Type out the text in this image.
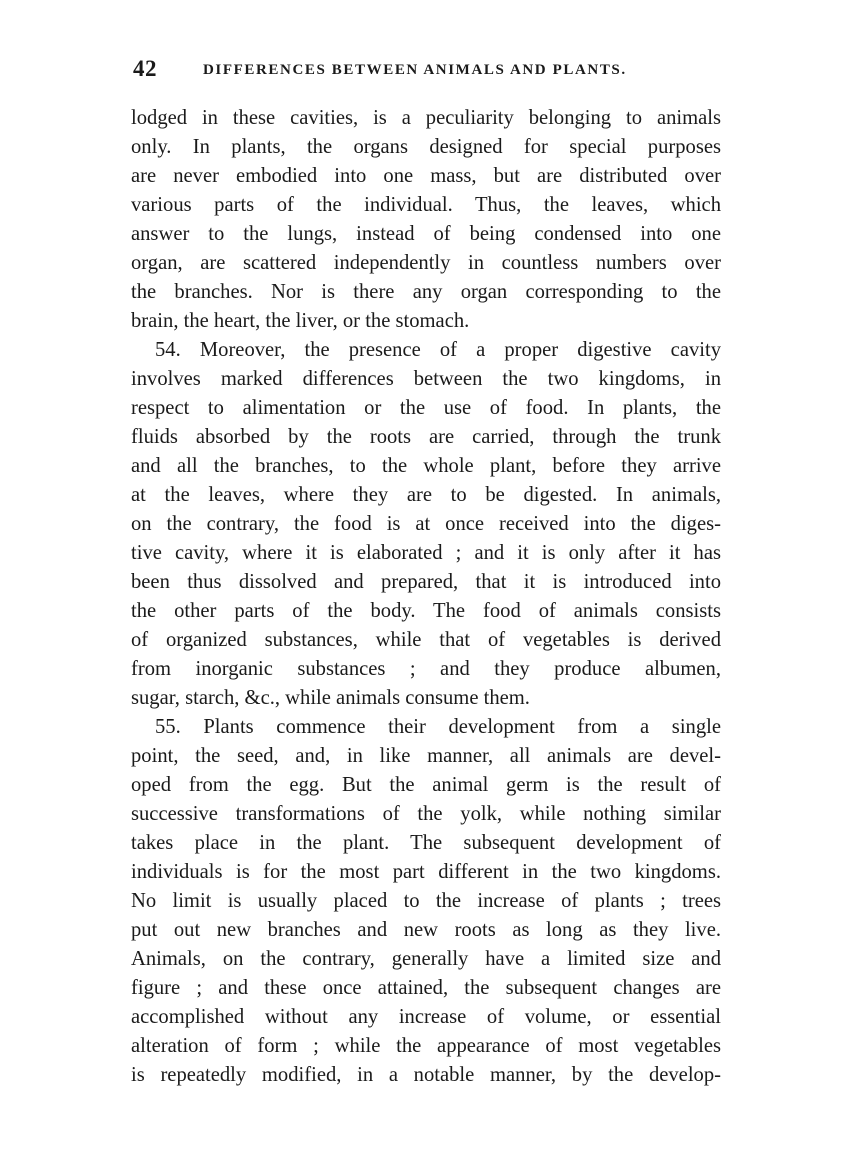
42	DIFFERENCES BETWEEN ANIMALS AND PLANTS.

lodged in these cavities, is a peculiarity belonging to animals
only. In plants, the organs designed for special purposes
are never embodied into one mass, but are distributed over
various parts of the individual. Thus, the leaves, which
answer to the lungs, instead of being condensed into one
organ, are scattered independently in countless numbers over
the branches. Nor is there any organ corresponding to the
brain, the heart, the liver, or the stomach.

54. Moreover, the presence of a proper digestive cavity
involves marked differences between the two kingdoms, in
respect to alimentation or the use of food. In plants, the
fluids absorbed by the roots are carried, through the trunk
and all the branches, to the whole plant, before they arrive
at the leaves, where they are to be digested. In animals,
on the contrary, the food is at once received into the diges-
tive cavity, where it is elaborated ; and it is only after it has
been thus dissolved and prepared, that it is introduced into
the other parts of the body. The food of animals consists
of organized substances, while that of vegetables is derived
from inorganic substances ; and they produce albumen,
sugar, starch, &c., while animals consume them.

55. Plants commence their development from a single
point, the seed, and, in like manner, all animals are devel-
oped from the egg. But the animal germ is the result of
successive transformations of the yolk, while nothing similar
takes place in the plant. The subsequent development of
individuals is for the most part different in the two kingdoms.
No limit is usually placed to the increase of plants ; trees
put out new branches and new roots as long as they live.
Animals, on the contrary, generally have a limited size and
figure ; and these once attained, the subsequent changes are
accomplished without any increase of volume, or essential
alteration of form ; while the appearance of most vegetables
is repeatedly modified, in a notable manner, by the develop-
